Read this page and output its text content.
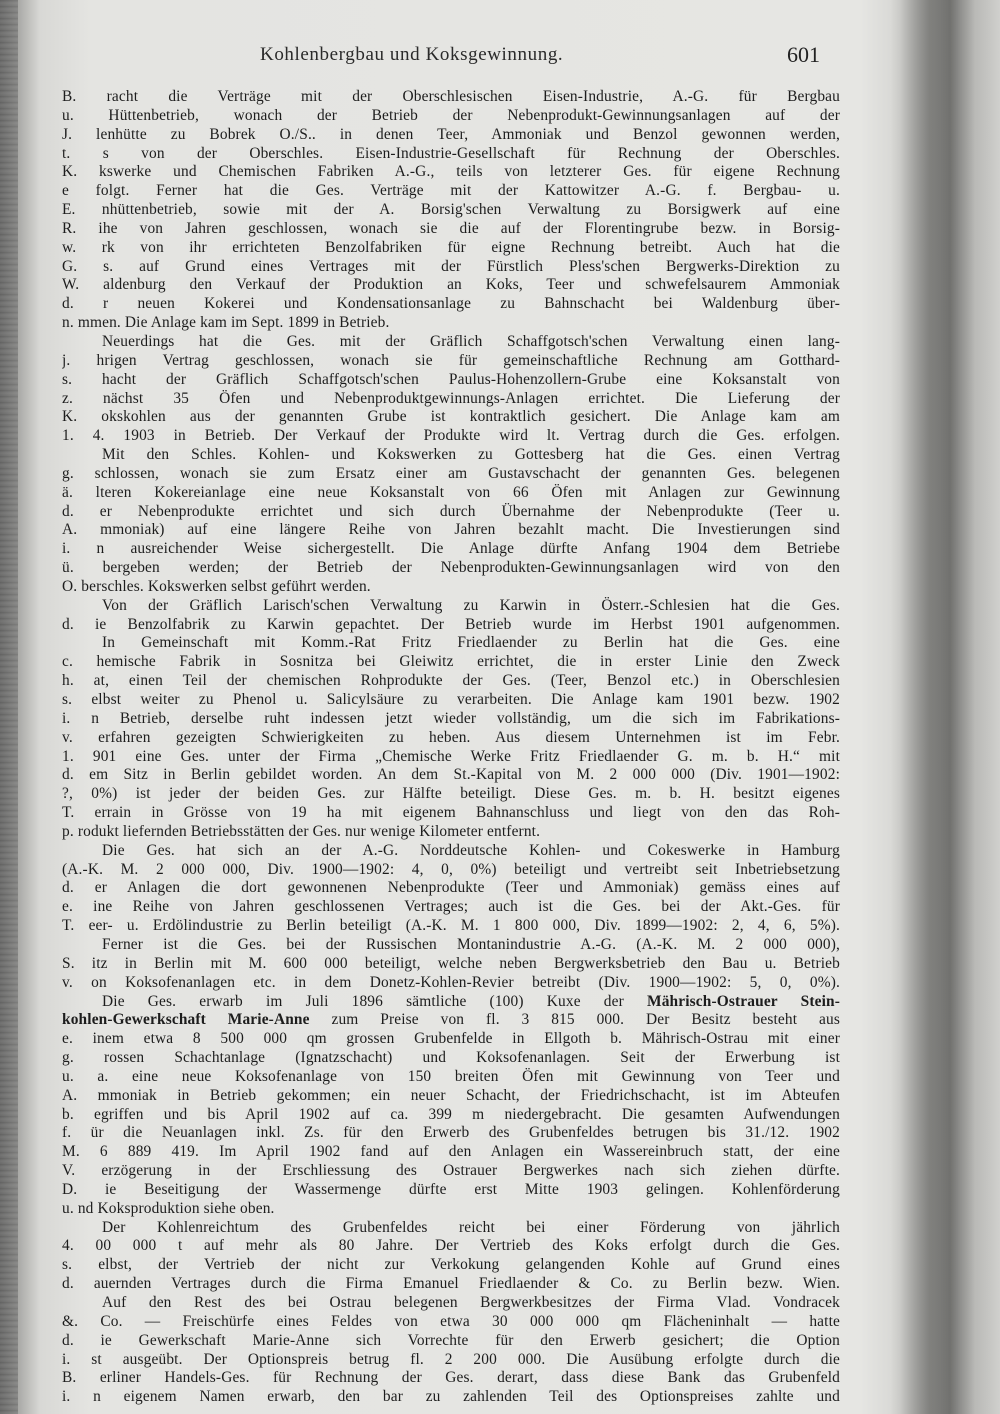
Kohlenbergbau und Koksgewinnung.	601
B. racht die Verträge mit der Oberschlesischen Eisen-Industrie, A.-G. für Bergbau
u. Hüttenbetrieb, wonach der Betrieb der Nebenprodukt-Gewinnungsanlagen auf der
J. lenhütte zu Bobrek O./S.. in denen Teer, Ammoniak und Benzol gewonnen werden,
t. s von der Oberschles. Eisen-Industrie-Gesellschaft für Rechnung der Oberschles.
K. kswerke und Chemischen Fabriken A.-G., teils von letzterer Ges. für eigene Rechnung
e folgt. Ferner hat die Ges. Verträge mit der Kattowitzer A.-G. f. Bergbau- u.
E. nhüttenbetrieb, sowie mit der A. Borsig'schen Verwaltung zu Borsigwerk auf eine
R. ihe von Jahren geschlossen, wonach sie die auf der Florentingrube bezw. in Borsig-
w. rk von ihr errichteten Benzolfabriken für eigne Rechnung betreibt. Auch hat die
G. s. auf Grund eines Vertrages mit der Fürstlich Pless'schen Bergwerks-Direktion zu
W. aldenburg den Verkauf der Produktion an Koks, Teer und schwefelsaurem Ammoniak
d. r neuen Kokerei und Kondensationsanlage zu Bahnschacht bei Waldenburg über-
n. mmen. Die Anlage kam im Sept. 1899 in Betrieb.
Neuerdings hat die Ges. mit der Gräflich Schaffgotsch'schen Verwaltung einen lang-
j. hrigen Vertrag geschlossen, wonach sie für gemeinschaftliche Rechnung am Gotthard-
s. hacht der Gräflich Schaffgotsch'schen Paulus-Hohenzollern-Grube eine Koksanstalt von
z. nächst 35 Öfen und Nebenproduktgewinnungs-Anlagen errichtet. Die Lieferung der
K. okskohlen aus der genannten Grube ist kontraktlich gesichert. Die Anlage kam am
1. 4. 1903 in Betrieb. Der Verkauf der Produkte wird lt. Vertrag durch die Ges. erfolgen.
Mit den Schles. Kohlen- und Kokswerken zu Gottesberg hat die Ges. einen Vertrag
g. schlossen, wonach sie zum Ersatz einer am Gustavschacht der genannten Ges. belegenen
ä. lteren Kokereianlage eine neue Koksanstalt von 66 Öfen mit Anlagen zur Gewinnung
d. er Nebenprodukte errichtet und sich durch Übernahme der Nebenprodukte (Teer u.
A. mmoniak) auf eine längere Reihe von Jahren bezahlt macht. Die Investierungen sind
i. n ausreichender Weise sichergestellt. Die Anlage dürfte Anfang 1904 dem Betriebe
ü. bergeben werden; der Betrieb der Nebenprodukten-Gewinnungsanlagen wird von den
O. berschles. Kokswerken selbst geführt werden.
Von der Gräflich Larisch'schen Verwaltung zu Karwin in Österr.-Schlesien hat die Ges.
d. ie Benzolfabrik zu Karwin gepachtet. Der Betrieb wurde im Herbst 1901 aufgenommen.
In Gemeinschaft mit Komm.-Rat Fritz Friedlaender zu Berlin hat die Ges. eine
c. hemische Fabrik in Sosnitza bei Gleiwitz errichtet, die in erster Linie den Zweck
h. at, einen Teil der chemischen Rohprodukte der Ges. (Teer, Benzol etc.) in Oberschlesien
s. elbst weiter zu Phenol u. Salicylsäure zu verarbeiten. Die Anlage kam 1901 bezw. 1902
i. n Betrieb, derselbe ruht indessen jetzt wieder vollständig, um die sich im Fabrikations-
v. erfahren gezeigten Schwierigkeiten zu heben. Aus diesem Unternehmen ist im Febr.
1. 901 eine Ges. unter der Firma „Chemische Werke Fritz Friedlaender G. m. b. H.“ mit
d. em Sitz in Berlin gebildet worden. An dem St.-Kapital von M. 2 000 000 (Div. 1901—1902:
?, 0%) ist jeder der beiden Ges. zur Hälfte beteiligt. Diese Ges. m. b. H. besitzt eigenes
T. errain in Grösse von 19 ha mit eigenem Bahnanschluss und liegt von den das Roh-
p. rodukt liefernden Betriebsstätten der Ges. nur wenige Kilometer entfernt.
Die Ges. hat sich an der A.-G. Norddeutsche Kohlen- und Cokeswerke in Hamburg
(A.-K. M. 2 000 000, Div. 1900—1902: 4, 0, 0%) beteiligt und vertreibt seit Inbetriebsetzung
d. er Anlagen die dort gewonnenen Nebenprodukte (Teer und Ammoniak) gemäss eines auf
e. ine Reihe von Jahren geschlossenen Vertrages; auch ist die Ges. bei der Akt.-Ges. für
T. eer- u. Erdölindustrie zu Berlin beteiligt (A.-K. M. 1 800 000, Div. 1899—1902: 2, 4, 6, 5%).
Ferner ist die Ges. bei der Russischen Montanindustrie A.-G. (A.-K. M. 2 000 000),
S. itz in Berlin mit M. 600 000 beteiligt, welche neben Bergwerksbetrieb den Bau u. Betrieb
v. on Koksofenanlagen etc. in dem Donetz-Kohlen-Revier betreibt (Div. 1900—1902: 5, 0, 0%).
Die Ges. erwarb im Juli 1896 sämtliche (100) Kuxe der Mährisch-Ostrauer Stein-
kohlen-Gewerkschaft Marie-Anne zum Preise von fl. 3 815 000. Der Besitz besteht aus
e. inem etwa 8 500 000 qm grossen Grubenfelde in Ellgoth b. Mährisch-Ostrau mit einer
g. rossen Schachtanlage (Ignatzschacht) und Koksofenanlagen. Seit der Erwerbung ist
u. a. eine neue Koksofenanlage von 150 breiten Öfen mit Gewinnung von Teer und
A. mmoniak in Betrieb gekommen; ein neuer Schacht, der Friedrichschacht, ist im Abteufen
b. egriffen und bis April 1902 auf ca. 399 m niedergebracht. Die gesamten Aufwendungen
f. ür die Neuanlagen inkl. Zs. für den Erwerb des Grubenfeldes betrugen bis 31./12. 1902
M. 6 889 419. Im April 1902 fand auf den Anlagen ein Wassereinbruch statt, der eine
V. erzögerung in der Erschliessung des Ostrauer Bergwerkes nach sich ziehen dürfte.
D. ie Beseitigung der Wassermenge dürfte erst Mitte 1903 gelingen. Kohlenförderung
u. nd Koksproduktion siehe oben.
Der Kohlenreichtum des Grubenfeldes reicht bei einer Förderung von jährlich
4. 00 000 t auf mehr als 80 Jahre. Der Vertrieb des Koks erfolgt durch die Ges.
s. elbst, der Vertrieb der nicht zur Verkokung gelangenden Kohle auf Grund eines
d. auernden Vertrages durch die Firma Emanuel Friedlaender & Co. zu Berlin bezw. Wien.
Auf den Rest des bei Ostrau belegenen Bergwerkbesitzes der Firma Vlad. Vondracek
&. Co. — Freischürfe eines Feldes von etwa 30 000 000 qm Flächeninhalt — hatte
d. ie Gewerkschaft Marie-Anne sich Vorrechte für den Erwerb gesichert; die Option
i. st ausgeübt. Der Optionspreis betrug fl. 2 200 000. Die Ausübung erfolgte durch die
B. erliner Handels-Ges. für Rechnung der Ges. derart, dass diese Bank das Grubenfeld
i. n eigenem Namen erwarb, den bar zu zahlenden Teil des Optionspreises zahlte und
